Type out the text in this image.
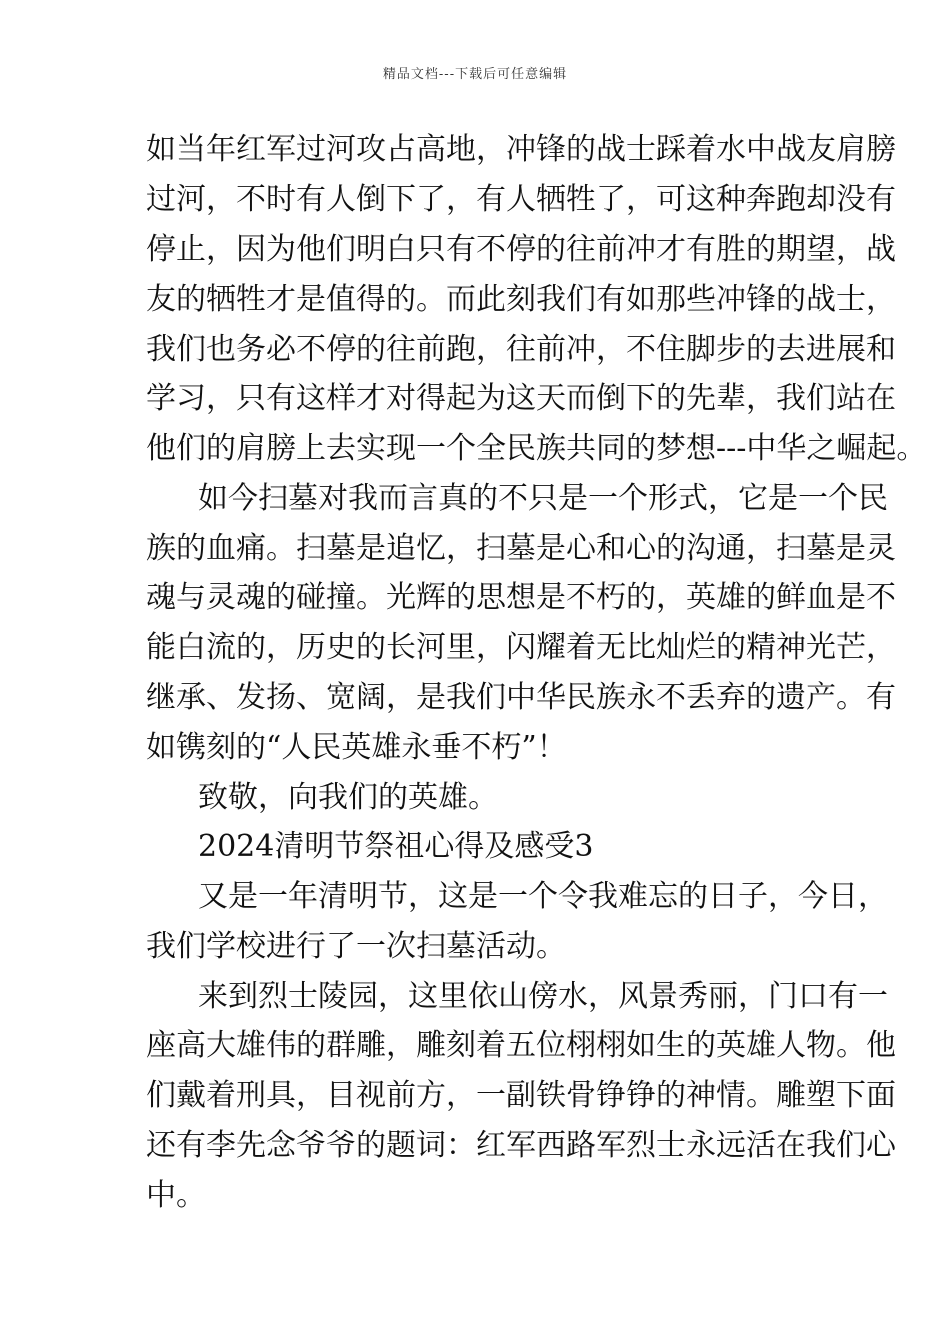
精品文档---下载后可任意编辑
如当年红军过河攻占高地，冲锋的战士踩着水中战友肩膀
过河，不时有人倒下了，有人牺牲了，可这种奔跑却没有
停止，因为他们明白只有不停的往前冲才有胜的期望，战
友的牺牲才是值得的。而此刻我们有如那些冲锋的战士，
我们也务必不停的往前跑，往前冲，不住脚步的去进展和
学习，只有这样才对得起为这天而倒下的先辈，我们站在
他们的肩膀上去实现一个全民族共同的梦想---中华之崛起。
如今扫墓对我而言真的不只是一个形式，它是一个民
族的血痛。扫墓是追忆，扫墓是心和心的沟通，扫墓是灵
魂与灵魂的碰撞。光辉的思想是不朽的，英雄的鲜血是不
能白流的，历史的长河里，闪耀着无比灿烂的精神光芒，
继承、发扬、宽阔，是我们中华民族永不丢弃的遗产。有
如镌刻的“人民英雄永垂不朽”！
致敬，向我们的英雄。
2024清明节祭祖心得及感受3
又是一年清明节，这是一个令我难忘的日子，今日，
我们学校进行了一次扫墓活动。
来到烈士陵园，这里依山傍水，风景秀丽，门口有一
座高大雄伟的群雕，雕刻着五位栩栩如生的英雄人物。他
们戴着刑具，目视前方，一副铁骨铮铮的神情。雕塑下面
还有李先念爷爷的题词：红军西路军烈士永远活在我们心
中。
